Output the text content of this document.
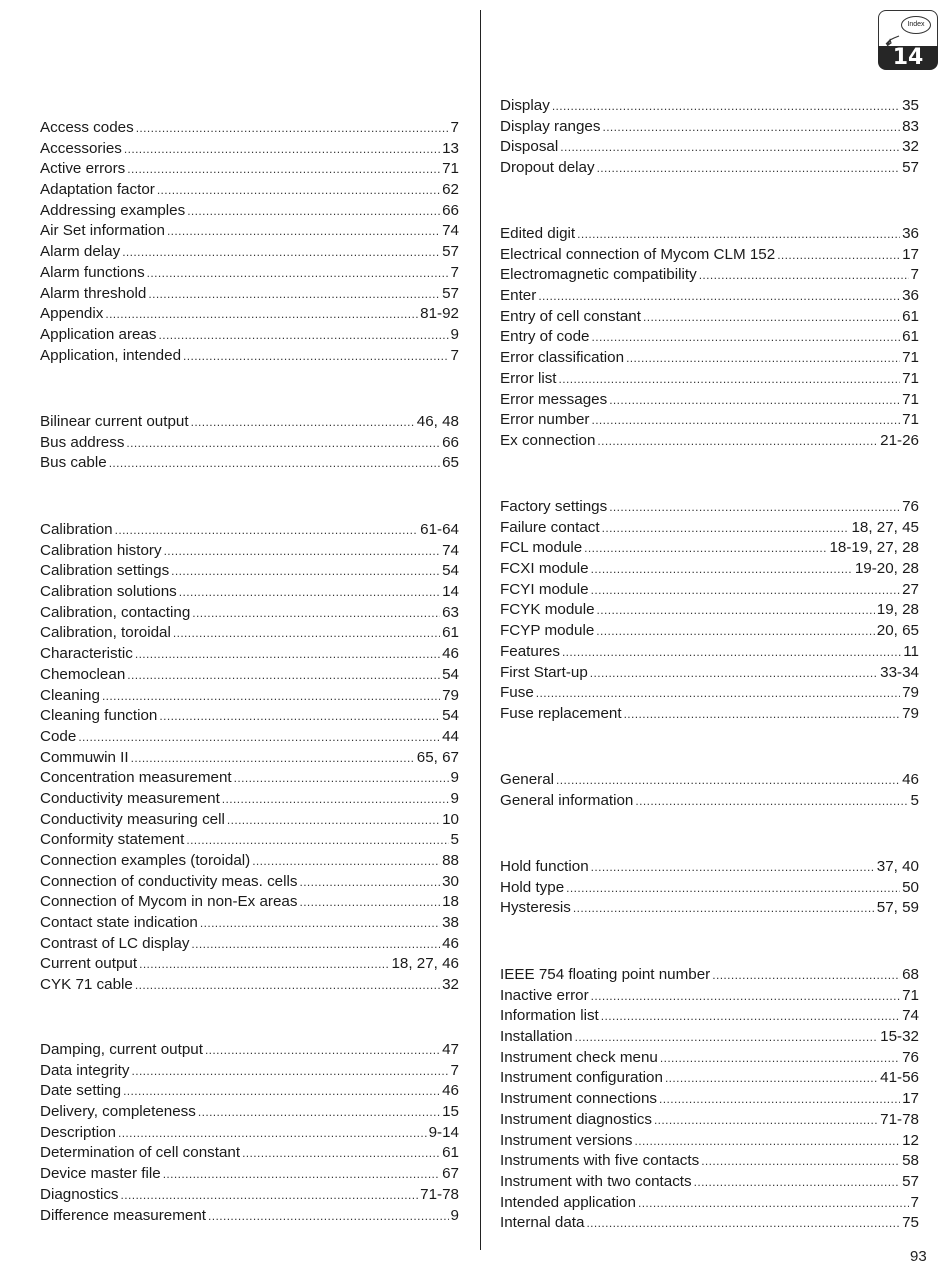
Index
14
Access codes .....	7
Accessories .....	13
Active errors .....	71
Adaptation factor .....	62
Addressing examples .....	66
Air Set information .....	74
Alarm delay .....	57
Alarm functions .....	7
Alarm threshold .....	57
Appendix .....	81-92
Application areas .....	9
Application, intended .....	7
Bilinear current output .....	46, 48
Bus address .....	66
Bus cable .....	65
Calibration .....	61-64
Calibration history .....	74
Calibration settings .....	54
Calibration solutions .....	14
Calibration, contacting .....	63
Calibration, toroidal .....	61
Characteristic .....	46
Chemoclean .....	54
Cleaning .....	79
Cleaning function .....	54
Code .....	44
Commuwin II .....	65, 67
Concentration measurement .....	9
Conductivity measurement .....	9
Conductivity measuring cell .....	10
Conformity statement .....	5
Connection examples (toroidal) .....	88
Connection of conductivity meas. cells .....	30
Connection of Mycom in non-Ex areas .....	18
Contact state indication .....	38
Contrast of LC display .....	46
Current output .....	18, 27, 46
CYK 71 cable .....	32
Damping, current output .....	47
Data integrity .....	7
Date setting .....	46
Delivery, completeness .....	15
Description .....	9-14
Determination of cell constant .....	61
Device master file .....	67
Diagnostics .....	71-78
Difference measurement .....	9
Display .....	35
Display ranges .....	83
Disposal .....	32
Dropout delay .....	57
Edited digit .....	36
Electrical connection of Mycom CLM 152 .....	17
Electromagnetic compatibility .....	7
Enter .....	36
Entry of cell constant .....	61
Entry of code .....	61
Error classification .....	71
Error list .....	71
Error messages .....	71
Error number .....	71
Ex connection .....	21-26
Factory settings .....	76
Failure contact .....	18, 27, 45
FCL module .....	18-19, 27, 28
FCXI module .....	19-20, 28
FCYI module .....	27
FCYK module .....	19, 28
FCYP module .....	20, 65
Features .....	11
First Start-up .....	33-34
Fuse .....	79
Fuse replacement .....	79
General .....	46
General information .....	5
Hold function .....	37, 40
Hold type .....	50
Hysteresis .....	57, 59
IEEE 754 floating point number .....	68
Inactive error .....	71
Information list .....	74
Installation .....	15-32
Instrument check menu .....	76
Instrument configuration .....	41-56
Instrument connections .....	17
Instrument diagnostics .....	71-78
Instrument versions .....	12
Instruments with five contacts .....	58
Instrument with two contacts .....	57
Intended application .....	7
Internal data .....	75
93
